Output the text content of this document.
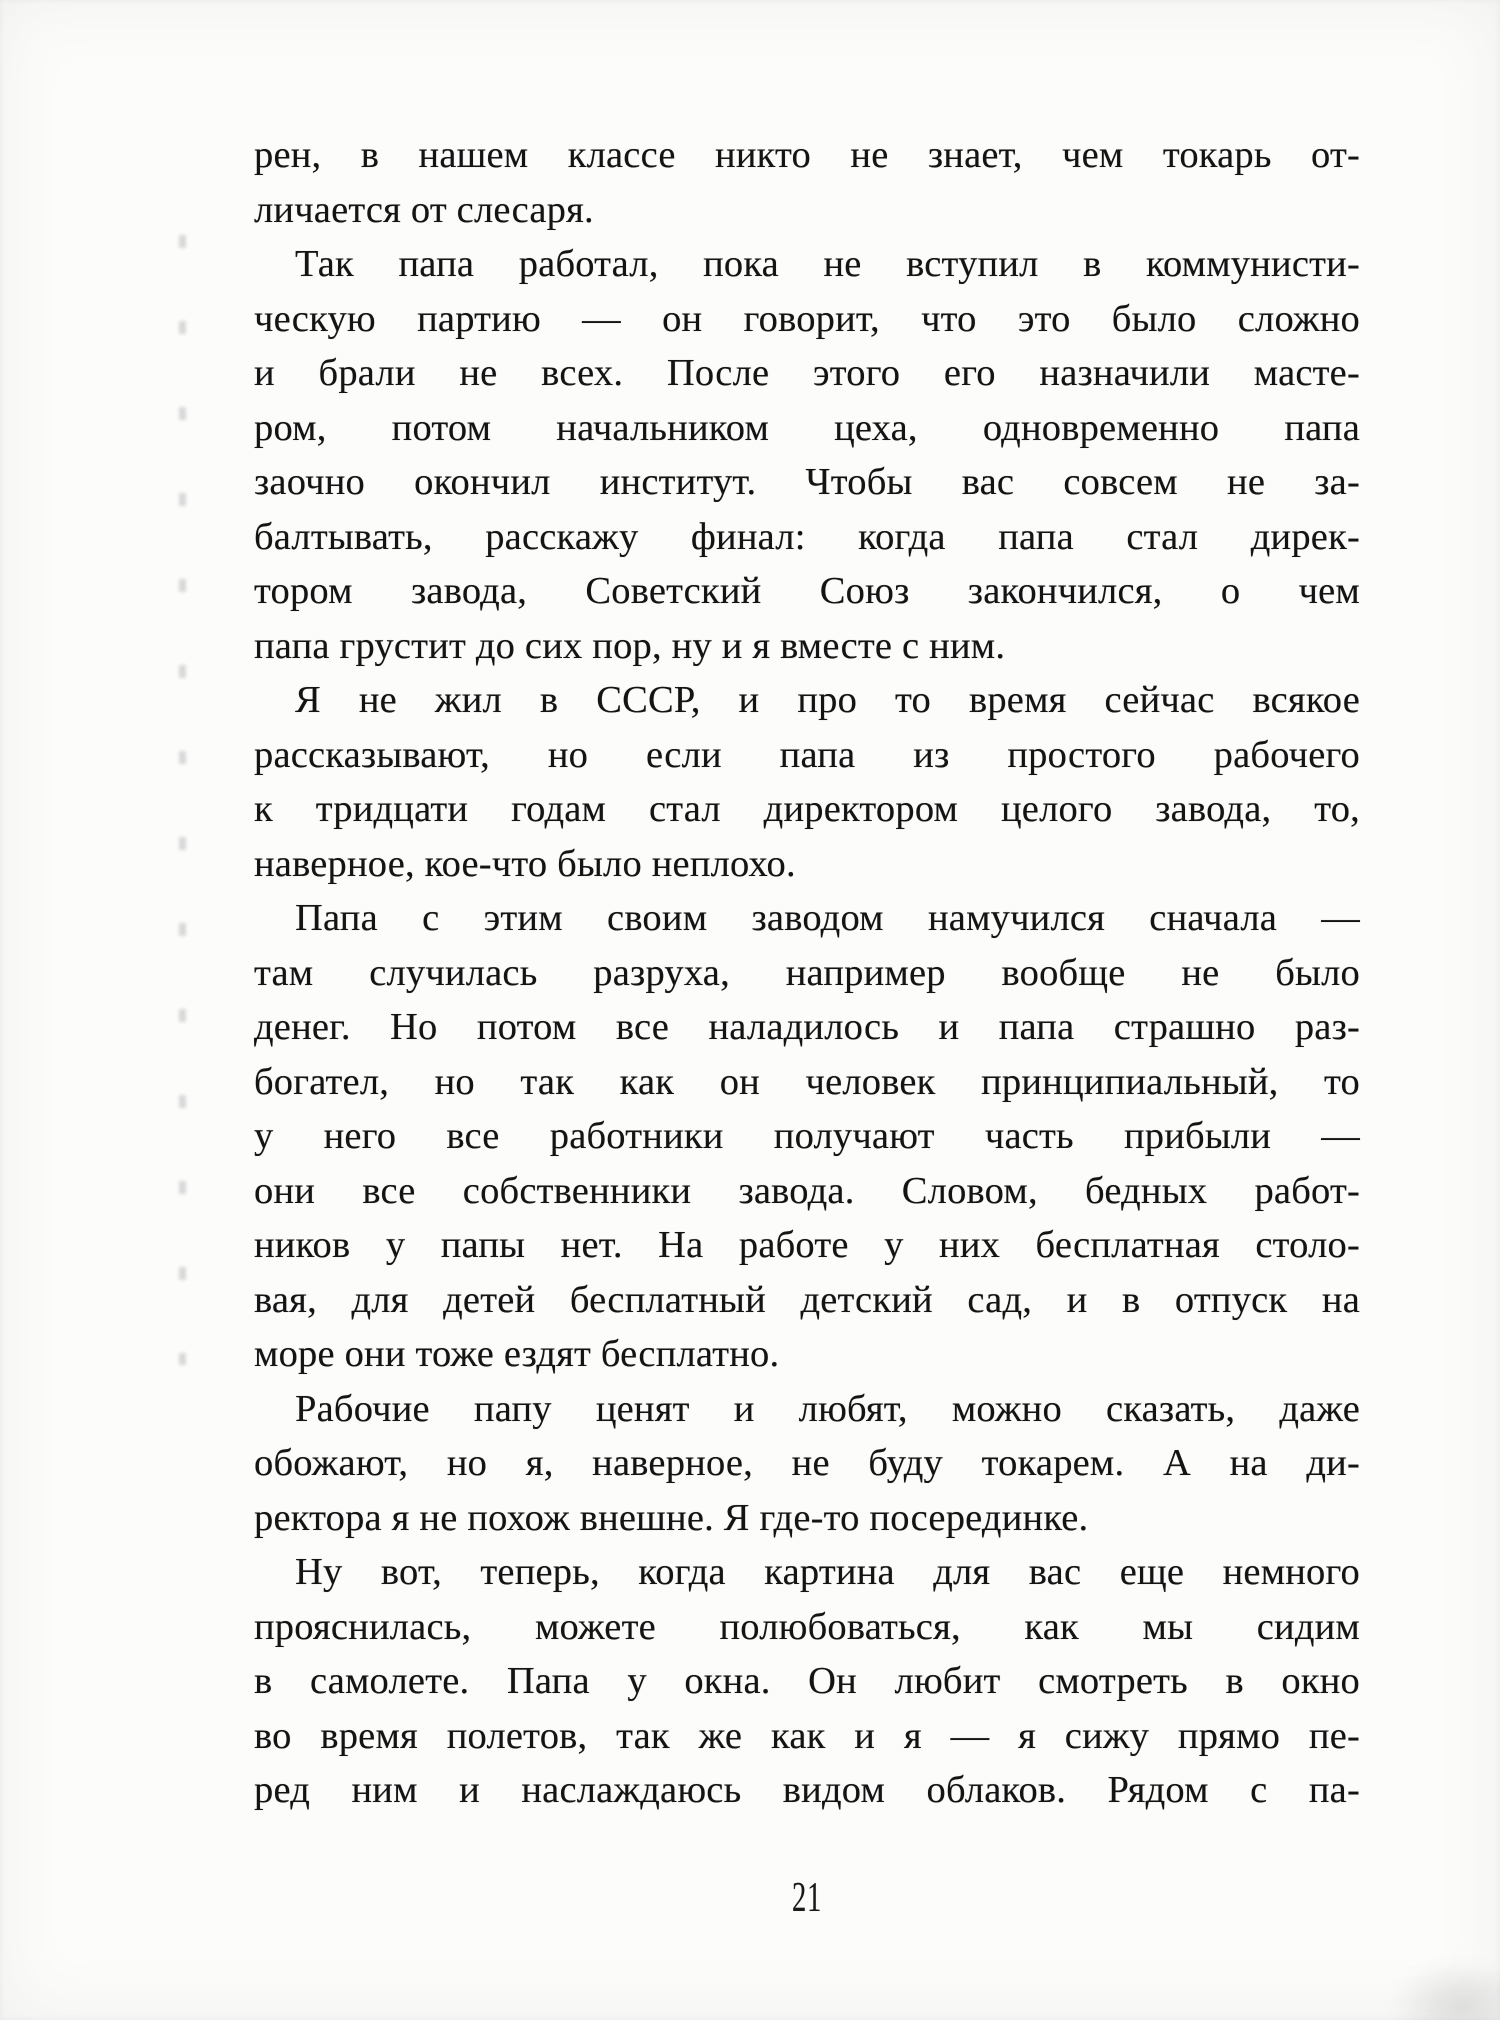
рен, в нашем классе никто не знает, чем токарь от-
личается от слесаря.
Так папа работал, пока не вступил в коммунисти-
ческую партию — он говорит, что это было сложно
и брали не всех. После этого его назначили масте-
ром, потом начальником цеха, одновременно папа
заочно окончил институт. Чтобы вас совсем не за-
балтывать, расскажу финал: когда папа стал дирек-
тором завода, Советский Союз закончился, о чем
папа грустит до сих пор, ну и я вместе с ним.
Я не жил в СССР, и про то время сейчас всякое
рассказывают, но если папа из простого рабочего
к тридцати годам стал директором целого завода, то,
наверное, кое-что было неплохо.
Папа с этим своим заводом намучился сначала —
там случилась разруха, например вообще не было
денег. Но потом все наладилось и папа страшно раз-
богател, но так как он человек принципиальный, то
у него все работники получают часть прибыли —
они все собственники завода. Словом, бедных работ-
ников у папы нет. На работе у них бесплатная столо-
вая, для детей бесплатный детский сад, и в отпуск на
море они тоже ездят бесплатно.
Рабочие папу ценят и любят, можно сказать, даже
обожают, но я, наверное, не буду токарем. А на ди-
ректора я не похож внешне. Я где-то посерединке.
Ну вот, теперь, когда картина для вас еще немного
прояснилась, можете полюбоваться, как мы сидим
в самолете. Папа у окна. Он любит смотреть в окно
во время полетов, так же как и я — я сижу прямо пе-
ред ним и наслаждаюсь видом облаков. Рядом с па-
21
